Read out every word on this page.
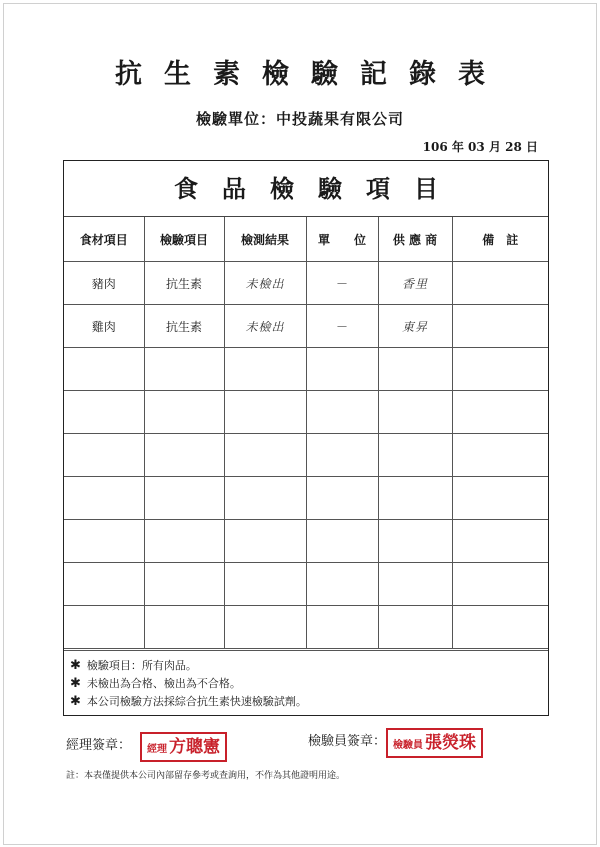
抗生素檢驗記錄表
檢驗單位：中投蔬果有限公司
106 年 03 月 28 日
食品檢驗項目
食材項目	檢驗項目	檢測結果	單　　位	供 應 商	備　註
豬肉	抗生素	未檢出	－	香里	
雞肉	抗生素	未檢出	－	東昇	

✱ 檢驗項目：所有肉品。
✱ 未檢出為合格、檢出為不合格。
✱ 本公司檢驗方法採綜合抗生素快速檢驗試劑。
經理簽章：	經理 方聰憲	檢驗員簽章： 檢驗員 張熒珠
註：本表僅提供本公司內部留存參考或查詢用，不作為其他證明用途。
